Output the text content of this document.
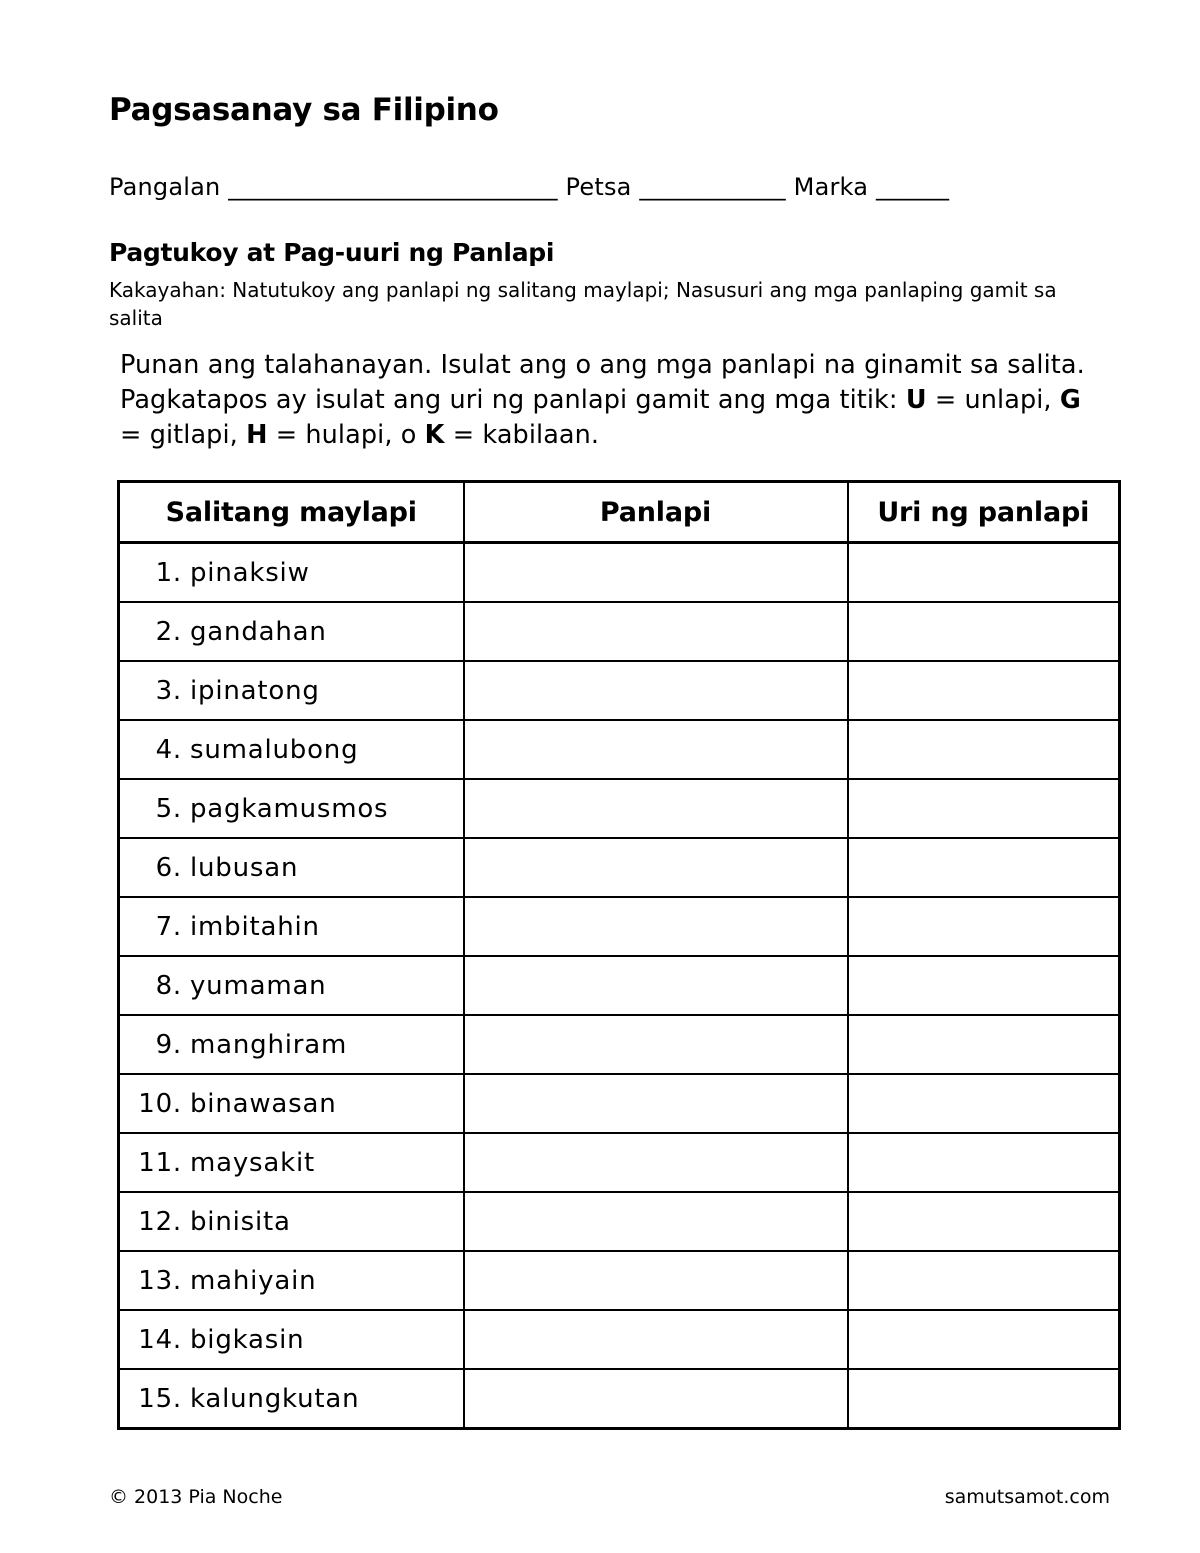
Pagsasanay sa Filipino
Pangalan ___________________________ Petsa ____________ Marka ______
Pagtukoy at Pag-uuri ng Panlapi
Kakayahan: Natutukoy ang panlapi ng salitang maylapi; Nasusuri ang mga panlaping gamit sa salita
Punan ang talahanayan. Isulat ang o ang mga panlapi na ginamit sa salita. Pagkatapos ay isulat ang uri ng panlapi gamit ang mga titik: U = unlapi, G = gitlapi, H = hulapi, o K = kabilaan.
Salitang maylapi	Panlapi	Uri ng panlapi
1. pinaksiw		
2. gandahan		
3. ipinatong		
4. sumalubong		
5. pagkamusmos		
6. lubusan		
7. imbitahin		
8. yumaman		
9. manghiram		
10. binawasan		
11. maysakit		
12. binisita		
13. mahiyain		
14. bigkasin		
15. kalungkutan		
© 2013 Pia Noche	samutsamot.com
